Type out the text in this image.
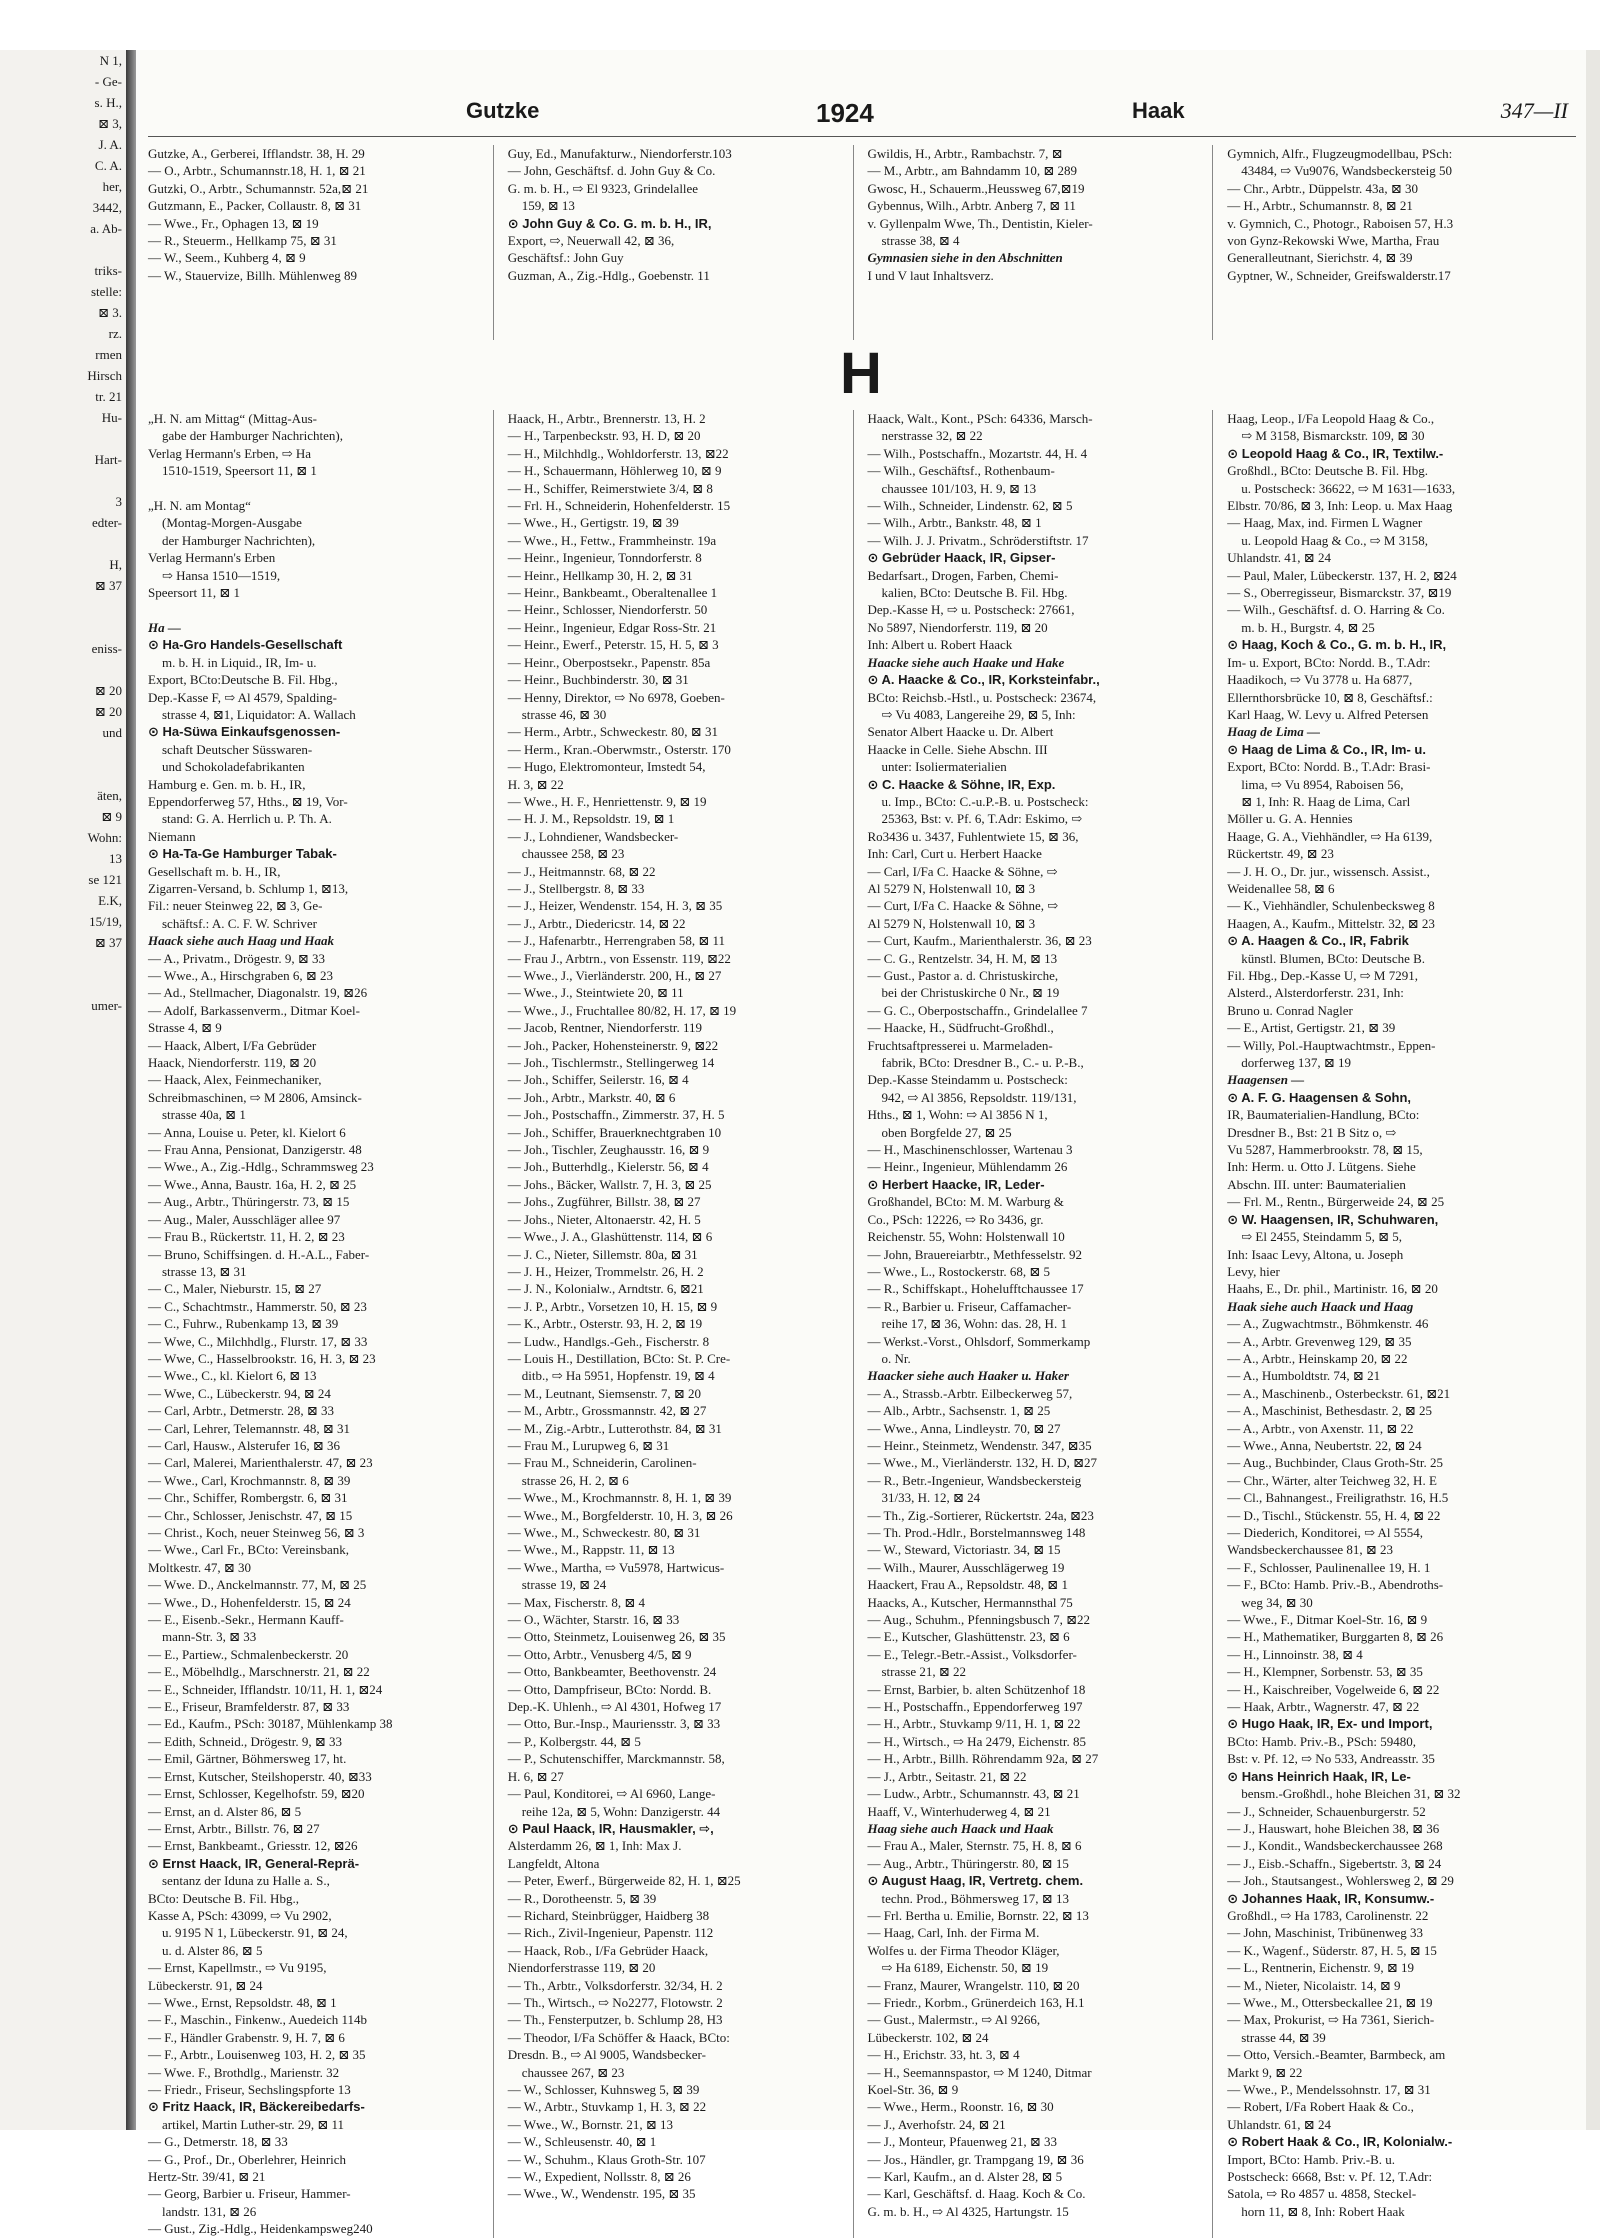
N 1,
- Ge-
s. H.,
⊠ 3,
J. A.
C. A.
her,
3442,
a. Ab-

triks-
stelle:
⊠ 3.
rz.
rmen
Hirsch
tr. 21
Hu-

Hart-

3
edter-

H,
⊠ 37

eniss-

⊠ 20
⊠ 20
und

äten,
⊠ 9
Wohn:
13
se 121
E.K,
15/19,
⊠ 37

umer-
Gutzke	1924	Haak	347—II
Gutzke, A., Gerberei, Ifflandstr. 38, H. 29
— O., Arbtr., Schumannstr.18, H. 1, ⊠ 21
Gutzki, O., Arbtr., Schumannstr. 52a,⊠ 21
Gutzmann, E., Packer, Collaustr. 8, ⊠ 31
— Wwe., Fr., Ophagen 13, ⊠ 19
— R., Steuerm., Hellkamp 75, ⊠ 31
— W., Seem., Kuhberg 4, ⊠ 9
— W., Stauervize, Billh. Mühlenweg 89
Guy, Ed., Manufakturw., Niendorferstr.103
— John, Geschäftsf. d. John Guy & Co.
G. m. b. H., ⇨ El 9323, Grindelallee
159, ⊠ 13
⊙ John Guy & Co. G. m. b. H., IR,
Export, ⇨, Neuerwall 42, ⊠ 36,
Geschäftsf.: John Guy
Guzman, A., Zig.-Hdlg., Goebenstr. 11
Gwildis, H., Arbtr., Rambachstr. 7, ⊠
— M., Arbtr., am Bahndamm 10, ⊠ 289
Gwosc, H., Schauerm.,Heussweg 67,⊠19
Gybennus, Wilh., Arbtr. Anberg 7, ⊠ 11
v. Gyllenpalm Wwe, Th., Dentistin, Kieler-
strasse 38, ⊠ 4
Gymnasien siehe in den Abschnitten
I und V laut Inhaltsverz.
Gymnich, Alfr., Flugzeugmodellbau, PSch:
43484, ⇨ Vu9076, Wandsbeckersteig 50
— Chr., Arbtr., Düppelstr. 43a, ⊠ 30
— H., Arbtr., Schumannstr. 8, ⊠ 21
v. Gymnich, C., Photogr., Raboisen 57, H.3
von Gynz-Rekowski Wwe, Martha, Frau
Generalleutnant, Sierichstr. 4, ⊠ 39
Gyptner, W., Schneider, Greifswalderstr.17
H
„H. N. am Mittag“ (Mittag-Aus-
gabe der Hamburger Nachrichten),
Verlag Hermann's Erben, ⇨ Ha
1510-1519, Speersort 11, ⊠ 1

„H. N. am Montag“
(Montag-Morgen-Ausgabe
der Hamburger Nachrichten),
Verlag Hermann's Erben
⇨ Hansa 1510—1519,
Speersort 11, ⊠ 1

Ha —
⊙ Ha-Gro Handels-Gesellschaft
m. b. H. in Liquid., IR, Im- u.
Export, BCto:Deutsche B. Fil. Hbg.,
Dep.-Kasse F, ⇨ Al 4579, Spalding-
strasse 4, ⊠1, Liquidator: A. Wallach
⊙ Ha-Süwa Einkaufsgenossen-
schaft Deutscher Süsswaren-
und Schokoladefabrikanten
Hamburg e. Gen. m. b. H., IR,
Eppendorferweg 57, Hths., ⊠ 19, Vor-
stand: G. A. Herrlich u. P. Th. A.
Niemann
⊙ Ha-Ta-Ge Hamburger Tabak-
Gesellschaft m. b. H., IR,
Zigarren-Versand, b. Schlump 1, ⊠13,
Fil.: neuer Steinweg 22, ⊠ 3, Ge-
schäftsf.: A. C. F. W. Schriver
Haack siehe auch Haag und Haak
— A., Privatm., Drögestr. 9, ⊠ 33
— Wwe., A., Hirschgraben 6, ⊠ 23
— Ad., Stellmacher, Diagonalstr. 19, ⊠26
— Adolf, Barkassenverm., Ditmar Koel-
Strasse 4, ⊠ 9
— Haack, Albert, I/Fa Gebrüder
Haack, Niendorferstr. 119, ⊠ 20
— Haack, Alex, Feinmechaniker,
Schreibmaschinen, ⇨ M 2806, Amsinck-
strasse 40a, ⊠ 1
— Anna, Louise u. Peter, kl. Kielort 6
— Frau Anna, Pensionat, Danzigerstr. 48
— Wwe., A., Zig.-Hdlg., Schrammsweg 23
— Wwe., Anna, Baustr. 16a, H. 2, ⊠ 25
— Aug., Arbtr., Thüringerstr. 73, ⊠ 15
— Aug., Maler, Ausschläger allee 97
— Frau B., Rückertstr. 11, H. 2, ⊠ 23
— Bruno, Schiffsingen. d. H.-A.L., Faber-
strasse 13, ⊠ 31
— C., Maler, Nieburstr. 15, ⊠ 27
— C., Schachtmstr., Hammerstr. 50, ⊠ 23
— C., Fuhrw., Rubenkamp 13, ⊠ 39
— Wwe, C., Milchhdlg., Flurstr. 17, ⊠ 33
— Wwe, C., Hasselbrookstr. 16, H. 3, ⊠ 23
— Wwe., C., kl. Kielort 6, ⊠ 13
— Wwe, C., Lübeckerstr. 94, ⊠ 24
— Carl, Arbtr., Detmerstr. 28, ⊠ 33
— Carl, Lehrer, Telemannstr. 48, ⊠ 31
— Carl, Hausw., Alsterufer 16, ⊠ 36
— Carl, Malerei, Marienthalerstr. 47, ⊠ 23
— Wwe., Carl, Krochmannstr. 8, ⊠ 39
— Chr., Schiffer, Rombergstr. 6, ⊠ 31
— Chr., Schlosser, Jenischstr. 47, ⊠ 15
— Christ., Koch, neuer Steinweg 56, ⊠ 3
— Wwe., Carl Fr., BCto: Vereinsbank,
Moltkestr. 47, ⊠ 30
— Wwe. D., Anckelmannstr. 77, M, ⊠ 25
— Wwe., D., Hohenfelderstr. 15, ⊠ 24
— E., Eisenb.-Sekr., Hermann Kauff-
mann-Str. 3, ⊠ 33
— E., Partiew., Schmalenbeckerstr. 20
— E., Möbelhdlg., Marschnerstr. 21, ⊠ 22
— E., Schneider, Ifflandstr. 10/11, H. 1, ⊠24
— E., Friseur, Bramfelderstr. 87, ⊠ 33
— Ed., Kaufm., PSch: 30187, Mühlenkamp 38
— Edith, Schneid., Drögestr. 9, ⊠ 33
— Emil, Gärtner, Böhmersweg 17, ht.
— Ernst, Kutscher, Steilshoperstr. 40, ⊠33
— Ernst, Schlosser, Kegelhofstr. 59, ⊠20
— Ernst, an d. Alster 86, ⊠ 5
— Ernst, Arbtr., Billstr. 76, ⊠ 27
— Ernst, Bankbeamt., Griesstr. 12, ⊠26
⊙ Ernst Haack, IR, General-Reprä-
sentanz der Iduna zu Halle a. S.,
BCto: Deutsche B. Fil. Hbg.,
Kasse A, PSch: 43099, ⇨ Vu 2902,
u. 9195 N 1, Lübeckerstr. 91, ⊠ 24,
u. d. Alster 86, ⊠ 5
— Ernst, Kapellmstr., ⇨ Vu 9195,
Lübeckerstr. 91, ⊠ 24
— Wwe., Ernst, Repsoldstr. 48, ⊠ 1
— F., Maschin., Finkenw., Auedeich 114b
— F., Händler Grabenstr. 9, H. 7, ⊠ 6
— F., Arbtr., Louisenweg 103, H. 2, ⊠ 35
— Wwe. F., Brothdlg., Marienstr. 32
— Friedr., Friseur, Sechslingspforte 13
⊙ Fritz Haack, IR, Bäckereibedarfs-
artikel, Martin Luther-str. 29, ⊠ 11
— G., Detmerstr. 18, ⊠ 33
— G., Prof., Dr., Oberlehrer, Heinrich
Hertz-Str. 39/41, ⊠ 21
— Georg, Barbier u. Friseur, Hammer-
landstr. 131, ⊠ 26
— Gust., Zig.-Hdlg., Heidenkampsweg240
Haack, H., Arbtr., Brennerstr. 13, H. 2
— H., Tarpenbeckstr. 93, H. D, ⊠ 20
— H., Milchhdlg., Wohldorferstr. 13, ⊠22
— H., Schauermann, Höhlerweg 10, ⊠ 9
— H., Schiffer, Reimerstwiete 3/4, ⊠ 8
— Frl. H., Schneiderin, Hohenfelderstr. 15
— Wwe., H., Gertigstr. 19, ⊠ 39
— Wwe., H., Fettw., Frammheinstr. 19a
— Heinr., Ingenieur, Tonndorferstr. 8
— Heinr., Hellkamp 30, H. 2, ⊠ 31
— Heinr., Bankbeamt., Oberaltenallee 1
— Heinr., Schlosser, Niendorferstr. 50
— Heinr., Ingenieur, Edgar Ross-Str. 21
— Heinr., Ewerf., Peterstr. 15, H. 5, ⊠ 3
— Heinr., Oberpostsekr., Papenstr. 85a
— Heinr., Buchbinderstr. 30, ⊠ 31
— Henny, Direktor, ⇨ No 6978, Goeben-
strasse 46, ⊠ 30
— Herm., Arbtr., Schweckestr. 80, ⊠ 31
— Herm., Kran.-Oberwmstr., Osterstr. 170
— Hugo, Elektromonteur, Imstedt 54,
H. 3, ⊠ 22
— Wwe., H. F., Henriettenstr. 9, ⊠ 19
— H. J. M., Repsoldstr. 19, ⊠ 1
— J., Lohndiener, Wandsbecker-
chaussee 258, ⊠ 23
— J., Heitmannstr. 68, ⊠ 22
— J., Stellbergstr. 8, ⊠ 33
— J., Heizer, Wendenstr. 154, H. 3, ⊠ 35
— J., Arbtr., Diedericstr. 14, ⊠ 22
— J., Hafenarbtr., Herrengraben 58, ⊠ 11
— Frau J., Arbtrn., von Essenstr. 119, ⊠22
— Wwe., J., Vierländerstr. 200, H., ⊠ 27
— Wwe., J., Steintwiete 20, ⊠ 11
— Wwe., J., Fruchtallee 80/82, H. 17, ⊠ 19
— Jacob, Rentner, Niendorferstr. 119
— Joh., Packer, Hohensteinerstr. 9, ⊠22
— Joh., Tischlermstr., Stellingerweg 14
— Joh., Schiffer, Seilerstr. 16, ⊠ 4
— Joh., Arbtr., Markstr. 40, ⊠ 6
— Joh., Postschaffn., Zimmerstr. 37, H. 5
— Joh., Schiffer, Brauerknechtgraben 10
— Joh., Tischler, Zeughausstr. 16, ⊠ 9
— Joh., Butterhdlg., Kielerstr. 56, ⊠ 4
— Johs., Bäcker, Wallstr. 7, H. 3, ⊠ 25
— Johs., Zugführer, Billstr. 38, ⊠ 27
— Johs., Nieter, Altonaerstr. 42, H. 5
— Wwe., J. A., Glashüttenstr. 114, ⊠ 6
— J. C., Nieter, Sillemstr. 80a, ⊠ 31
— J. H., Heizer, Trommelstr. 26, H. 2
— J. N., Kolonialw., Arndtstr. 6, ⊠21
— J. P., Arbtr., Vorsetzen 10, H. 15, ⊠ 9
— K., Arbtr., Osterstr. 93, H. 2, ⊠ 19
— Ludw., Handlgs.-Geh., Fischerstr. 8
— Louis H., Destillation, BCto: St. P. Cre-
ditb., ⇨ Ha 5951, Hopfenstr. 19, ⊠ 4
— M., Leutnant, Siemsenstr. 7, ⊠ 20
— M., Arbtr., Grossmannstr. 42, ⊠ 27
— M., Zig.-Arbtr., Lutterothstr. 84, ⊠ 31
— Frau M., Lurupweg 6, ⊠ 31
— Frau M., Schneiderin, Carolinen-
strasse 26, H. 2, ⊠ 6
— Wwe., M., Krochmannstr. 8, H. 1, ⊠ 39
— Wwe., M., Borgfelderstr. 10, H. 3, ⊠ 26
— Wwe., M., Schweckestr. 80, ⊠ 31
— Wwe., M., Rappstr. 11, ⊠ 13
— Wwe., Martha, ⇨ Vu5978, Hartwicus-
strasse 19, ⊠ 24
— Max, Fischerstr. 8, ⊠ 4
— O., Wächter, Starstr. 16, ⊠ 33
— Otto, Steinmetz, Louisenweg 26, ⊠ 35
— Otto, Arbtr., Venusberg 4/5, ⊠ 9
— Otto, Bankbeamter, Beethovenstr. 24
— Otto, Dampfriseur, BCto: Nordd. B.
Dep.-K. Uhlenh., ⇨ Al 4301, Hofweg 17
— Otto, Bur.-Insp., Mauriensstr. 3, ⊠ 33
— P., Kolbergstr. 44, ⊠ 5
— P., Schutenschiffer, Marckmannstr. 58,
H. 6, ⊠ 27
— Paul, Konditorei, ⇨ Al 6960, Lange-
reihe 12a, ⊠ 5, Wohn: Danzigerstr. 44
⊙ Paul Haack, IR, Hausmakler, ⇨,
Alsterdamm 26, ⊠ 1, Inh: Max J.
Langfeldt, Altona
— Peter, Ewerf., Bürgerweide 82, H. 1, ⊠25
— R., Dorotheenstr. 5, ⊠ 39
— Richard, Steinbrügger, Haidberg 38
— Rich., Zivil-Ingenieur, Papenstr. 112
— Haack, Rob., I/Fa Gebrüder Haack,
Niendorferstrasse 119, ⊠ 20
— Th., Arbtr., Volksdorferstr. 32/34, H. 2
— Th., Wirtsch., ⇨ No2277, Flotowstr. 2
— Th., Fensterputzer, b. Schlump 28, H3
— Theodor, I/Fa Schöffer & Haack, BCto:
Dresdn. B., ⇨ Al 9005, Wandsbecker-
chaussee 267, ⊠ 23
— W., Schlosser, Kuhnsweg 5, ⊠ 39
— W., Arbtr., Stuvkamp 1, H. 3, ⊠ 22
— Wwe., W., Bornstr. 21, ⊠ 13
— W., Schleusenstr. 40, ⊠ 1
— W., Schuhm., Klaus Groth-Str. 107
— W., Expedient, Nollsstr. 8, ⊠ 26
— Wwe., W., Wendenstr. 195, ⊠ 35
Haack, Walt., Kont., PSch: 64336, Marsch-
nerstrasse 32, ⊠ 22
— Wilh., Postschaffn., Mozartstr. 44, H. 4
— Wilh., Geschäftsf., Rothenbaum-
chaussee 101/103, H. 9, ⊠ 13
— Wilh., Schneider, Lindenstr. 62, ⊠ 5
— Wilh., Arbtr., Bankstr. 48, ⊠ 1
— Wilh. J. J. Privatm., Schröderstiftstr. 17
⊙ Gebrüder Haack, IR, Gipser-
Bedarfsart., Drogen, Farben, Chemi-
kalien, BCto: Deutsche B. Fil. Hbg.
Dep.-Kasse H, ⇨ u. Postscheck: 27661,
No 5897, Niendorferstr. 119, ⊠ 20
Inh: Albert u. Robert Haack
Haacke siehe auch Haake und Hake
⊙ A. Haacke & Co., IR, Korksteinfabr.,
BCto: Reichsb.-Hstl., u. Postscheck: 23674,
⇨ Vu 4083, Langereihe 29, ⊠ 5, Inh:
Senator Albert Haacke u. Dr. Albert
Haacke in Celle. Siehe Abschn. III
unter: Isoliermaterialien
⊙ C. Haacke & Söhne, IR, Exp.
u. Imp., BCto: C.-u.P.-B. u. Postscheck:
25363, Bst: v. Pf. 6, T.Adr: Eskimo, ⇨
Ro3436 u. 3437, Fuhlentwiete 15, ⊠ 36,
Inh: Carl, Curt u. Herbert Haacke
— Carl, I/Fa C. Haacke & Söhne, ⇨
Al 5279 N, Holstenwall 10, ⊠ 3
— Curt, I/Fa C. Haacke & Söhne, ⇨
Al 5279 N, Holstenwall 10, ⊠ 3
— Curt, Kaufm., Marienthalerstr. 36, ⊠ 23
— C. G., Rentzelstr. 34, H. M, ⊠ 13
— Gust., Pastor a. d. Christuskirche,
bei der Christuskirche 0 Nr., ⊠ 19
— G. C., Oberpostschaffn., Grindelallee 7
— Haacke, H., Südfrucht-Großhdl.,
Fruchtsaftpresserei u. Marmeladen-
fabrik, BCto: Dresdner B., C.- u. P.-B.,
Dep.-Kasse Steindamm u. Postscheck:
942, ⇨ Al 3856, Repsoldstr. 119/131,
Hths., ⊠ 1, Wohn: ⇨ Al 3856 N 1,
oben Borgfelde 27, ⊠ 25
— H., Maschinenschlosser, Wartenau 3
— Heinr., Ingenieur, Mühlendamm 26
⊙ Herbert Haacke, IR, Leder-
Großhandel, BCto: M. M. Warburg &
Co., PSch: 12226, ⇨ Ro 3436, gr.
Reichenstr. 55, Wohn: Holstenwall 10
— John, Brauereiarbtr., Methfesselstr. 92
— Wwe., L., Rostockerstr. 68, ⊠ 5
— R., Schiffskapt., Hohelufftchaussee 17
— R., Barbier u. Friseur, Caffamacher-
reihe 17, ⊠ 36, Wohn: das. 28, H. 1
— Werkst.-Vorst., Ohlsdorf, Sommerkamp
o. Nr.
Haacker siehe auch Haaker u. Haker
— A., Strassb.-Arbtr. Eilbeckerweg 57,
— Alb., Arbtr., Sachsenstr. 1, ⊠ 25
— Wwe., Anna, Lindleystr. 70, ⊠ 27
— Heinr., Steinmetz, Wendenstr. 347, ⊠35
— Wwe., M., Vierländerstr. 132, H. D, ⊠27
— R., Betr.-Ingenieur, Wandsbeckersteig
31/33, H. 12, ⊠ 24
— Th., Zig.-Sortierer, Rückertstr. 24a, ⊠23
— Th. Prod.-Hdlr., Borstelmannsweg 148
— W., Steward, Victoriastr. 34, ⊠ 15
— Wilh., Maurer, Ausschlägerweg 19
Haackert, Frau A., Repsoldstr. 48, ⊠ 1
Haacks, A., Kutscher, Hermannsthal 75
— Aug., Schuhm., Pfenningsbusch 7, ⊠22
— E., Kutscher, Glashüttenstr. 23, ⊠ 6
— E., Telegr.-Betr.-Assist., Volksdorfer-
strasse 21, ⊠ 22
— Ernst, Barbier, b. alten Schützenhof 18
— H., Postschaffn., Eppendorferweg 197
— H., Arbtr., Stuvkamp 9/11, H. 1, ⊠ 22
— H., Wirtsch., ⇨ Ha 2479, Eichenstr. 85
— H., Arbtr., Billh. Röhrendamm 92a, ⊠ 27
— J., Arbtr., Seitastr. 21, ⊠ 22
— Ludw., Arbtr., Schumannstr. 43, ⊠ 21
Haaff, V., Winterhuderweg 4, ⊠ 21
Haag siehe auch Haack und Haak
— Frau A., Maler, Sternstr. 75, H. 8, ⊠ 6
— Aug., Arbtr., Thüringerstr. 80, ⊠ 15
⊙ August Haag, IR, Vertretg. chem.
techn. Prod., Böhmersweg 17, ⊠ 13
— Frl. Bertha u. Emilie, Bornstr. 22, ⊠ 13
— Haag, Carl, Inh. der Firma M.
Wolfes u. der Firma Theodor Kläger,
⇨ Ha 6189, Eichenstr. 50, ⊠ 19
— Franz, Maurer, Wrangelstr. 110, ⊠ 20
— Friedr., Korbm., Grünerdeich 163, H.1
— Gust., Malermstr., ⇨ Al 9266,
Lübeckerstr. 102, ⊠ 24
— H., Erichstr. 33, ht. 3, ⊠ 4
— H., Seemannspastor, ⇨ M 1240, Ditmar
Koel-Str. 36, ⊠ 9
— Wwe., Herm., Roonstr. 16, ⊠ 30
— J., Averhofstr. 24, ⊠ 21
— J., Monteur, Pfauenweg 21, ⊠ 33
— Jos., Händler, gr. Trampgang 19, ⊠ 36
— Karl, Kaufm., an d. Alster 28, ⊠ 5
— Karl, Geschäftsf. d. Haag. Koch & Co.
G. m. b. H., ⇨ Al 4325, Hartungstr. 15
Haag, Leop., I/Fa Leopold Haag & Co.,
⇨ M 3158, Bismarckstr. 109, ⊠ 30
⊙ Leopold Haag & Co., IR, Textilw.-
Großhdl., BCto: Deutsche B. Fil. Hbg.
u. Postscheck: 36622, ⇨ M 1631—1633,
Elbstr. 70/86, ⊠ 3, Inh: Leop. u. Max Haag
— Haag, Max, ind. Firmen L Wagner
u. Leopold Haag & Co., ⇨ M 3158,
Uhlandstr. 41, ⊠ 24
— Paul, Maler, Lübeckerstr. 137, H. 2, ⊠24
— S., Oberregisseur, Bismarckstr. 37, ⊠19
— Wilh., Geschäftsf. d. O. Harring & Co.
m. b. H., Burgstr. 4, ⊠ 25
⊙ Haag, Koch & Co., G. m. b. H., IR,
Im- u. Export, BCto: Nordd. B., T.Adr:
Haadikoch, ⇨ Vu 3778 u. Ha 6877,
Ellernthorsbrücke 10, ⊠ 8, Geschäftsf.:
Karl Haag, W. Levy u. Alfred Petersen
Haag de Lima —
⊙ Haag de Lima & Co., IR, Im- u.
Export, BCto: Nordd. B., T.Adr: Brasi-
lima, ⇨ Vu 8954, Raboisen 56,
⊠ 1, Inh: R. Haag de Lima, Carl
Möller u. G. A. Hennies
Haage, G. A., Viehhändler, ⇨ Ha 6139,
Rückertstr. 49, ⊠ 23
— J. H. O., Dr. jur., wissensch. Assist.,
Weidenallee 58, ⊠ 6
— K., Viehhändler, Schulenbecksweg 8
Haagen, A., Kaufm., Mittelstr. 32, ⊠ 23
⊙ A. Haagen & Co., IR, Fabrik
künstl. Blumen, BCto: Deutsche B.
Fil. Hbg., Dep.-Kasse U, ⇨ M 7291,
Alsterd., Alsterdorferstr. 231, Inh:
Bruno u. Conrad Nagler
— E., Artist, Gertigstr. 21, ⊠ 39
— Willy, Pol.-Hauptwachtmstr., Eppen-
dorferweg 137, ⊠ 19
Haagensen —
⊙ A. F. G. Haagensen & Sohn,
IR, Baumaterialien-Handlung, BCto:
Dresdner B., Bst: 21 B Sitz o, ⇨
Vu 5287, Hammerbrookstr. 78, ⊠ 15,
Inh: Herm. u. Otto J. Lütgens. Siehe
Abschn. III. unter: Baumaterialien
— Frl. M., Rentn., Bürgerweide 24, ⊠ 25
⊙ W. Haagensen, IR, Schuhwaren,
⇨ El 2455, Steindamm 5, ⊠ 5,
Inh: Isaac Levy, Altona, u. Joseph
Levy, hier
Haahs, E., Dr. phil., Martinistr. 16, ⊠ 20
Haak siehe auch Haack und Haag
— A., Zugwachtmstr., Böhmkenstr. 46
— A., Arbtr. Grevenweg 129, ⊠ 35
— A., Arbtr., Heinskamp 20, ⊠ 22
— A., Humboldtstr. 74, ⊠ 21
— A., Maschinenb., Osterbeckstr. 61, ⊠21
— A., Maschinist, Bethesdastr. 2, ⊠ 25
— A., Arbtr., von Axenstr. 11, ⊠ 22
— Wwe., Anna, Neubertstr. 22, ⊠ 24
— Aug., Buchbinder, Claus Groth-Str. 25
— Chr., Wärter, alter Teichweg 32, H. E
— Cl., Bahnangest., Freiligrathstr. 16, H.5
— D., Tischl., Stückenstr. 55, H. 4, ⊠ 22
— Diederich, Konditorei, ⇨ Al 5554,
Wandsbeckerchaussee 81, ⊠ 23
— F., Schlosser, Paulinenallee 19, H. 1
— F., BCto: Hamb. Priv.-B., Abendroths-
weg 34, ⊠ 30
— Wwe., F., Ditmar Koel-Str. 16, ⊠ 9
— H., Mathematiker, Burggarten 8, ⊠ 26
— H., Linnoinstr. 38, ⊠ 4
— H., Klempner, Sorbenstr. 53, ⊠ 35
— H., Kaischreiber, Vogelweide 6, ⊠ 22
— Haak, Arbtr., Wagnerstr. 47, ⊠ 22
⊙ Hugo Haak, IR, Ex- und Import,
BCto: Hamb. Priv.-B., PSch: 59480,
Bst: v. Pf. 12, ⇨ No 533, Andreasstr. 35
⊙ Hans Heinrich Haak, IR, Le-
bensm.-Großhdl., hohe Bleichen 31, ⊠ 32
— J., Schneider, Schauenburgerstr. 52
— J., Hauswart, hohe Bleichen 38, ⊠ 36
— J., Kondit., Wandsbeckerchaussee 268
— J., Eisb.-Schaffn., Sigebertstr. 3, ⊠ 24
— Joh., Stautsangest., Wohlersweg 2, ⊠ 29
⊙ Johannes Haak, IR, Konsumw.-
Großhdl., ⇨ Ha 1783, Carolinenstr. 22
— John, Maschinist, Tribünenweg 33
— K., Wagenf., Süderstr. 87, H. 5, ⊠ 15
— L., Rentnerin, Eichenstr. 9, ⊠ 19
— M., Nieter, Nicolaistr. 14, ⊠ 9
— Wwe., M., Ottersbeckallee 21, ⊠ 19
— Max, Prokurist, ⇨ Ha 7361, Sierich-
strasse 44, ⊠ 39
— Otto, Versich.-Beamter, Barmbeck, am
Markt 9, ⊠ 22
— Wwe., P., Mendelssohnstr. 17, ⊠ 31
— Robert, I/Fa Robert Haak & Co.,
Uhlandstr. 61, ⊠ 24
⊙ Robert Haak & Co., IR, Kolonialw.-
Import, BCto: Hamb. Priv.-B. u.
Postscheck: 6668, Bst: v. Pf. 12, T.Adr:
Satola, ⇨ Ro 4857 u. 4858, Steckel-
horn 11, ⊠ 8, Inh: Robert Haak
